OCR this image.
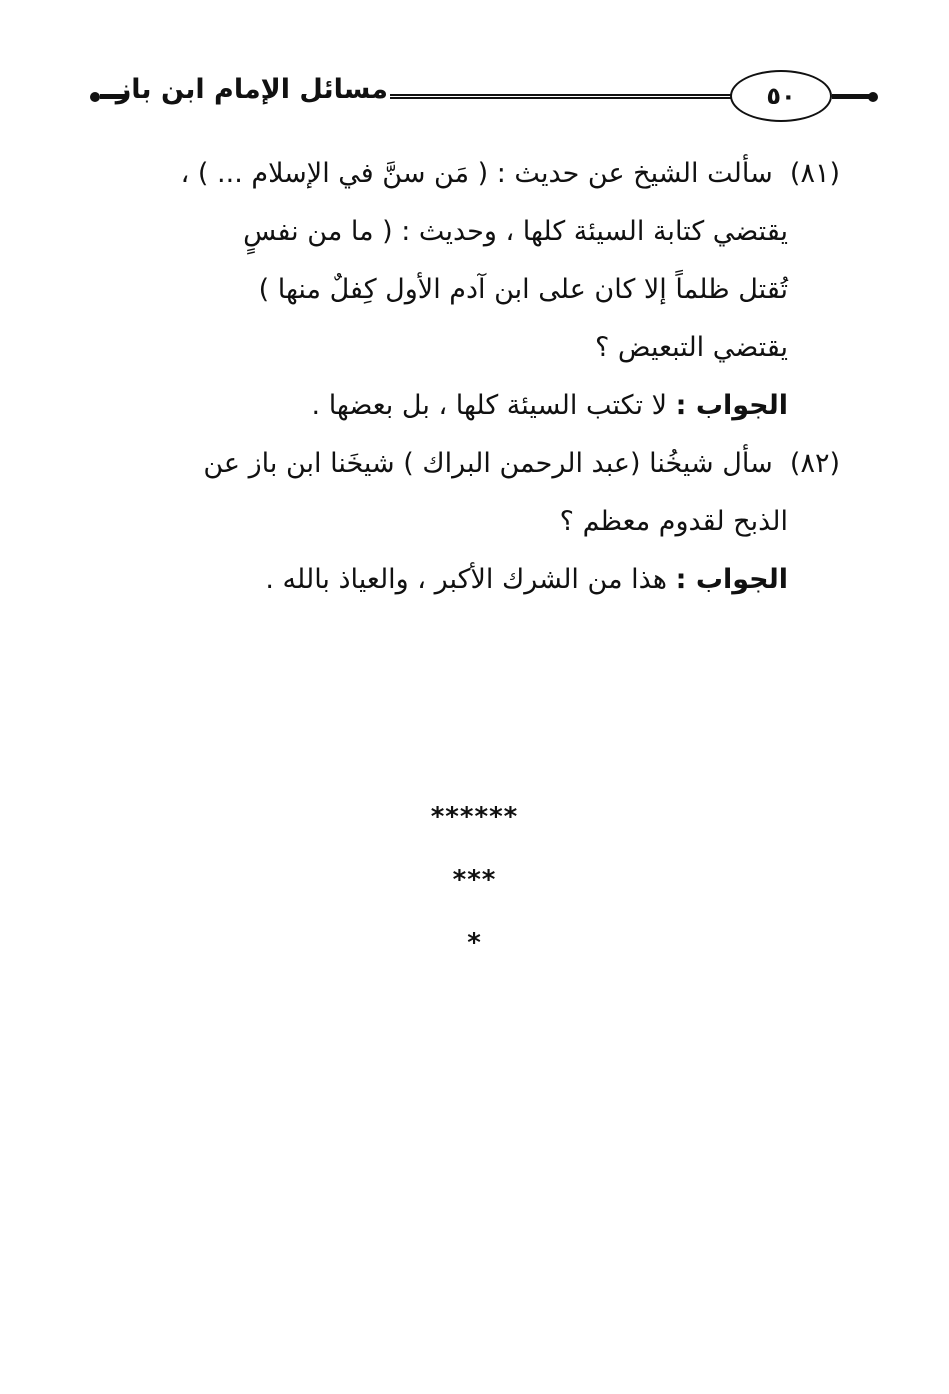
مسائل الإمام ابن باز	٥٠
(٨١)  سألت الشيخ عن حديث : ( مَن سنَّ في الإسلام ... ) ،
يقتضي كتابة السيئة كلها ، وحديث : ( ما من نفسٍ
تُقتل ظلماً إلا كان على ابن آدم الأول كِفلٌ منها )
يقتضي التبعيض ؟
الجواب : لا تكتب السيئة كلها ، بل بعضها .
(٨٢)  سأل شيخُنا (عبد الرحمن البراك ) شيخَنا ابن باز عن
الذبح لقدوم معظم ؟
الجواب : هذا من الشرك الأكبر ، والعياذ بالله .
******
***
*
